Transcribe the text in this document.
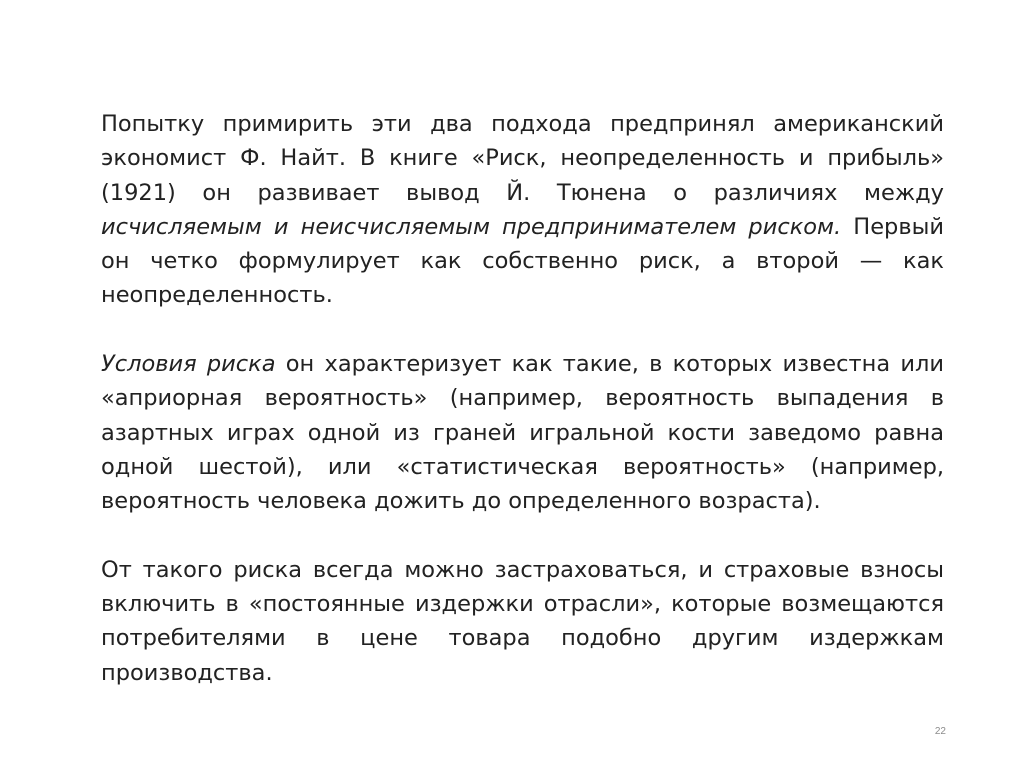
Попытку примирить эти два подхода предпринял американский экономист Ф. Найт. В книге «Риск, неопределенность и прибыль» (1921) он развивает вывод Й. Тюнена о различиях между исчисляемым и неисчисляемым предпринимателем риском. Первый он четко формулирует как собственно риск, а второй — как неопределенность.

Условия риска он характеризует как такие, в которых известна или «априорная вероятность» (например, вероятность выпадения в азартных играх одной из граней игральной кости заведомо равна одной шестой), или «статистическая вероятность» (например, вероятность человека дожить до определенного возраста).

От такого риска всегда можно застраховаться, и страховые взносы включить в «постоянные издержки отрасли», которые возмещаются потребителями в цене товара подобно другим издержкам производства.

22
